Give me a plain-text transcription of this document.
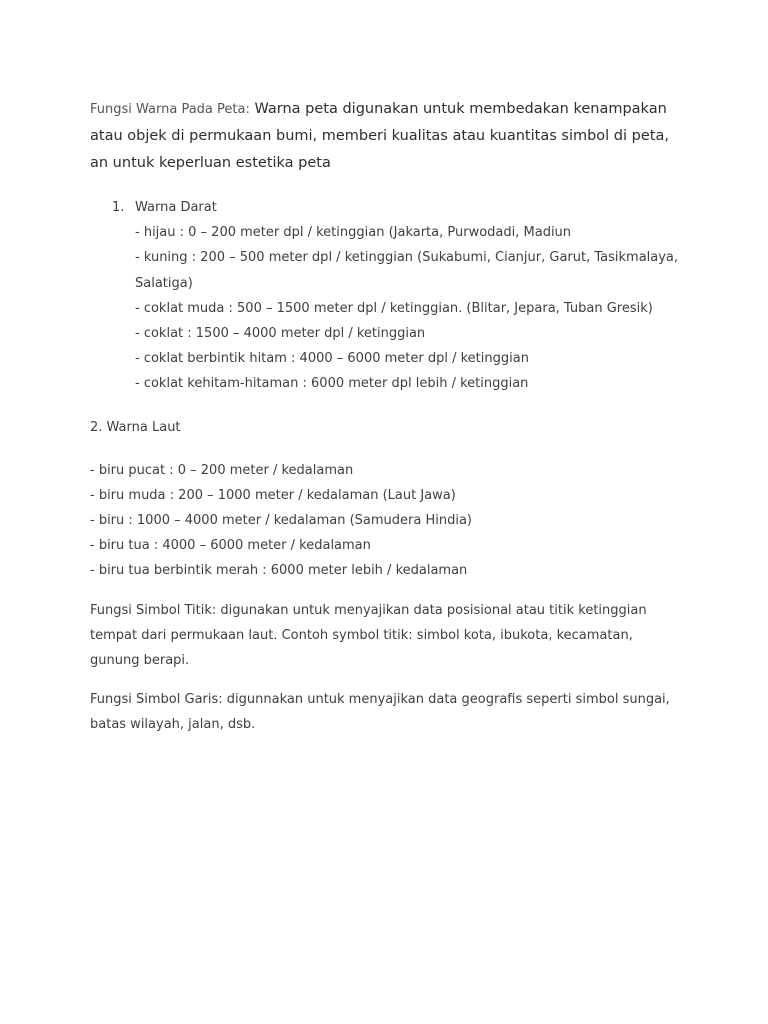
Fungsi Warna Pada Peta: Warna peta digunakan untuk membedakan kenampakan atau objek di permukaan bumi, memberi kualitas atau kuantitas simbol di peta, an untuk keperluan estetika peta

1. Warna Darat
- hijau : 0 – 200 meter dpl / ketinggian (Jakarta, Purwodadi, Madiun
- kuning : 200 – 500 meter dpl / ketinggian (Sukabumi, Cianjur, Garut, Tasikmalaya, Salatiga)
- coklat muda : 500 – 1500 meter dpl / ketinggian. (Blitar, Jepara, Tuban Gresik)
- coklat : 1500 – 4000 meter dpl / ketinggian
- coklat berbintik hitam : 4000 – 6000 meter dpl / ketinggian
- coklat kehitam-hitaman : 6000 meter dpl lebih / ketinggian
2. Warna Laut
- biru pucat : 0 – 200 meter / kedalaman
- biru muda : 200 – 1000 meter / kedalaman (Laut Jawa)
- biru : 1000 – 4000 meter / kedalaman (Samudera Hindia)
- biru tua : 4000 – 6000 meter / kedalaman
- biru tua berbintik merah : 6000 meter lebih / kedalaman

Fungsi Simbol Titik: digunakan untuk menyajikan data posisional atau titik ketinggian tempat dari permukaan laut. Contoh symbol titik: simbol kota, ibukota, kecamatan, gunung berapi.

Fungsi Simbol Garis: digunnakan untuk menyajikan data geografis seperti simbol sungai, batas wilayah, jalan, dsb.
